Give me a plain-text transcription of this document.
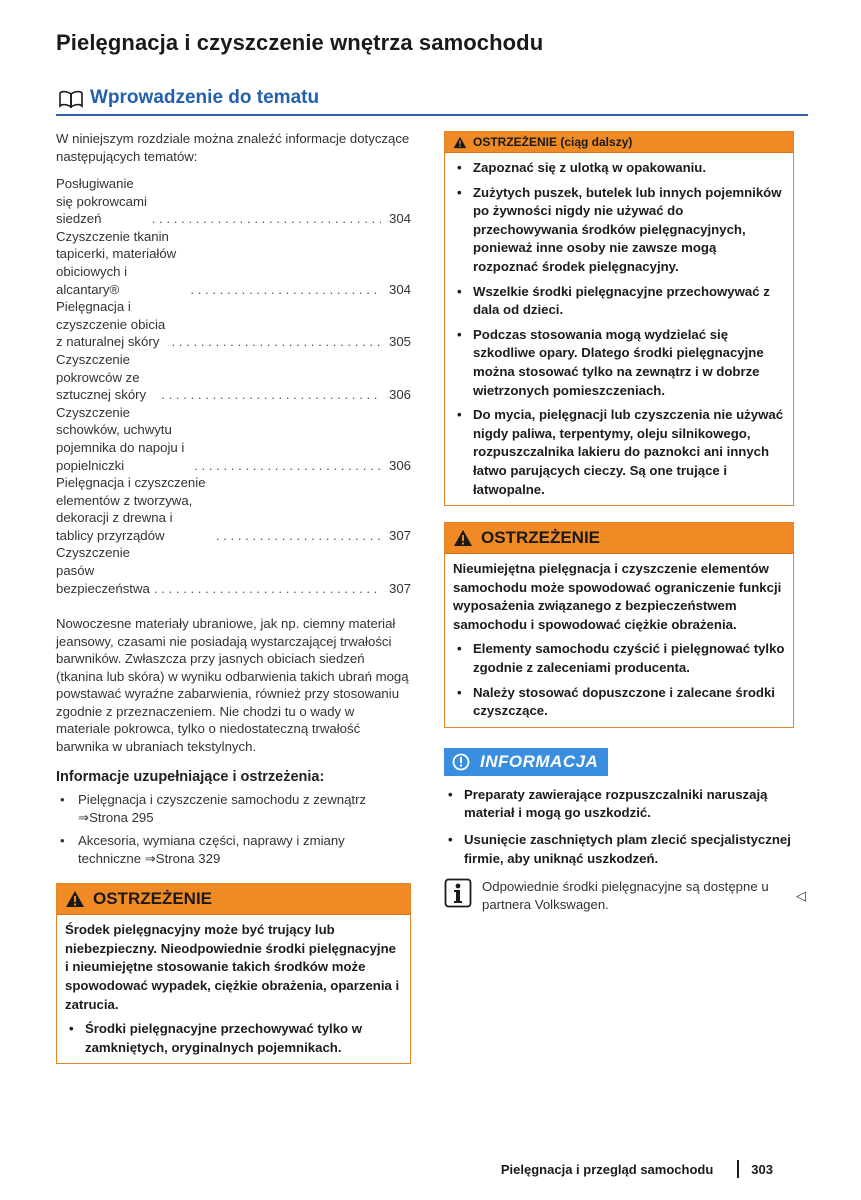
Pielęgnacja i czyszczenie wnętrza samochodu
Wprowadzenie do tematu

W niniejszym rozdziale można znaleźć informacje dotyczące następujących tematów:

Posługiwanie się pokrowcami siedzeń . . .	304
Czyszczenie tkanin tapicerki, materiałów obiciowych i alcantary® . . .	304
Pielęgnacja i czyszczenie obicia z naturalnej skóry . . .	305
Czyszczenie pokrowców ze sztucznej skóry . . .	306
Czyszczenie schowków, uchwytu pojemnika do napoju i popielniczki . . .	306
Pielęgnacja i czyszczenie elementów z tworzywa, dekoracji z drewna i tablicy przyrządów . . .	307
Czyszczenie pasów bezpieczeństwa . . .	307

Nowoczesne materiały ubraniowe, jak np. ciemny materiał jeansowy, czasami nie posiadają wystarczającej trwałości barwników. Zwłaszcza przy jasnych obiciach siedzeń (tkanina lub skóra) w wyniku odbarwienia takich ubrań mogą powstawać wyraźne zabarwienia, również przy stosowaniu zgodnie z przeznaczeniem. Nie chodzi tu o wady w materiale pokrowca, tylko o niedostateczną trwałość barwnika w ubraniach tekstylnych.

Informacje uzupełniające i ostrzeżenia:
• Pielęgnacja i czyszczenie samochodu z zewnątrz ⇒Strona 295
• Akcesoria, wymiana części, naprawy i zmiany techniczne ⇒Strona 329
OSTRZEŻENIE

Środek pielęgnacyjny może być trujący lub niebezpieczny. Nieodpowiednie środki pielęgnacyjne i nieumiejętne stosowanie takich środków może spowodować wypadek, ciężkie obrażenia, oparzenia i zatrucia.

• Środki pielęgnacyjne przechowywać tylko w zamkniętych, oryginalnych pojemnikach.
OSTRZEŻENIE (ciąg dalszy)
• Zapoznać się z ulotką w opakowaniu.
• Zużytych puszek, butelek lub innych pojemników po żywności nigdy nie używać do przechowywania środków pielęgnacyjnych, ponieważ inne osoby nie zawsze mogą rozpoznać środek pielęgnacyjny.
• Wszelkie środki pielęgnacyjne przechowywać z dala od dzieci.
• Podczas stosowania mogą wydzielać się szkodliwe opary. Dlatego środki pielęgnacyjne można stosować tylko na zewnątrz i w dobrze wietrzonych pomieszczeniach.
• Do mycia, pielęgnacji lub czyszczenia nie używać nigdy paliwa, terpentymy, oleju silnikowego, rozpuszczalnika lakieru do paznokci ani innych łatwo parujących cieczy. Są one trujące i łatwopalne.
OSTRZEŻENIE

Nieumiejętna pielęgnacja i czyszczenie elementów samochodu może spowodować ograniczenie funkcji wyposażenia związanego z bezpieczeństwem samochodu i spowodować ciężkie obrażenia.

• Elementy samochodu czyścić i pielęgnować tylko zgodnie z zaleceniami producenta.
• Należy stosować dopuszczone i zalecane środki czyszczące.
INFORMACJA
• Preparaty zawierające rozpuszczalniki naruszają materiał i mogą go uszkodzić.
• Usunięcie zaschniętych plam zlecić specjalistycznej firmie, aby uniknąć uszkodzeń.
Odpowiednie środki pielęgnacyjne są dostępne u partnera Volkswagen.
◁
Pielęgnacja i przegląd samochodu	303
